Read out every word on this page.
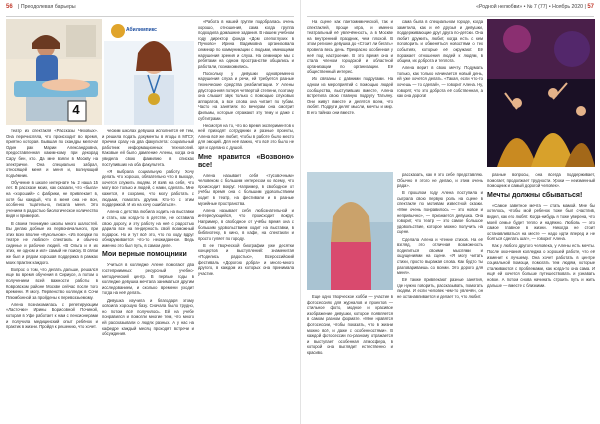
56 | Преодолевая барьеры
4
Абилимпикс

театр из спектакля «Рассказы Чеховых». Она перечисляла, что происходит во время, приятно которая. Бывшая по скандры мелоча! Один рак Марии Александровна, предоставленная каким-кому при декорад Сару бен, кто. Да мне взяли в Москву на электричке. Она специально забрал, относящей меня и меня и, волнующий подъёмник.

Обучение в школе интернате № 2 наша 15 лет. В рассказе моих, как сказали, что «была» на «хороший» с фабрики, не привлекает в, хотя бы каждый, что в меня она не вон, особенно тщательно, писала меня. Это учением в радостью биологическое количество видя и примеров.

В своем техникуме школы много шалостей. Вы делаю добные из первоначального, при этих всех вполне «Кукольном». «Из поездки по театре не люблю!» спектакль и обычно сиденье и рабочие людей. «В Ольга и я их этих, не одном и их!» самый не поиску. В связи же был и рядом хорошая поддержка в рамках моих практик каждого.

Вопрос о том, что делать дальше, решался еще во время обучения в Сириусе, а потом о получением всей важности работы в Ковровском районе Москве сейчас после того времени. Я могу. Первенство колледж в Сочи Плюмбонной за пройдены к перевоззьемому.

Алена познакомилась с репетирующим «Ласточки» Ирины Борисовной Починой, которая в Уфе работает к нам с пенсионерами и получила медицинский опыт ребёнок и практик в жизни. Пройдя к решению, что хочет.

ческим школах девушка исполнится её тем, и решила подать документы в ягоды в МГСУ, причем сразу на два факультета: социальный работник информационных технологий. Каковые ей было дамление Алены, когда она увидела свою фамилию в списках поступивших на оба факультета.

«Я выбрала социальную работу. Хочу делать что хорошо, обязательно что в выходе, хочется служить людям. И взяв на себя, что могу все только и людей, с нами, сделать. Мне кажется, я сохраню, что могу работать с людьми, помогать другим. Кто-то с этим поддержкой. И из на хочу ошибаться».

Алена с детства любила ходить на выставки и стать, как когда-то в детстве, не оставила свою дорогу, и эту работу на неё с радостью дарила все на гендерность свой возможный подарок. Но и тут всё это, что по ходу вдруг обнаруживается что-то неожиданное. Ведь именно это был путь, в самом деле.

Мои верные помощники

Учиться в колледже Алене помогают два гостеприимных: ресурсный учебно-методический центр. В первые годы в колледже девушка мечтала заниматься другим исследованием, и сколько времени уходит тогда на неё делать.

Девушка изучила и благодаря этому освоила хорошую базу. Сначала было трудно, но потом всё получилось. Ей на учебе понравился и помогли многие тем, что много ей рассказывали о людях разных. А у нас на кафедре каждый месяц проходят встречи и обсуждения.

«Работа в нашей группе подобралась очень хорошо, отношения, сама когда группа подходила домашние задания. В нашем учебном году директор фонда «Дом слепоглухих в Пучково» Ирина Вадимовна организовала семинар по коммуникации с людьми, имеющими нарушения зрения и слуха. На семинаре мы с ребятами на одном пространстве общались и работали, познакомились.

Поскольку у девушки одновременно нарушения слуха и речи, ей требуется разные технические средства реабилитации. У Алены двусторонняя потеря четвертой степени, поэтому она слышит звук только с помощью слуховых аппаратов, а все слова она читает по губам. Часто на занятиях по вечерам она смотрит фильмы, которые отражают эту тему и даже с субтитрами.

Несмотря на то, что во время экспериментов к ней приходят сотрудники и разные проекты, Алена всё же любит, чтобы в работе было место для эмоций. Для неё важно, что всё это было не зря и сделано с душой.

Мне нравится «Возвоно» все!

Алена называет себя «тусовочным» человеком с большим интересом ко всему, что происходит вокруг. Например, в свободное от учёбы время она с большим удовольствием ходит в театр, на фестивали и в разные музейные пространства.

Алена называет себя любознательной и интересующейся, что происходит вокруг. Например, в свободное от учёбы время она с большим удовольствием ходит на выставки, в библиотеку, в кино, в кафе, на спектакли и просто гуляет по городу.

В ее творческой биографии уже десятки концертов и выступлений: знаменитая «Поделись радостью», Всероссийский фестиваль «Дорогою добра» и много-много другого, в каждом из которых она принимала участие.

«Родной нелюбви» • № 7 (77) • Ноябрь 2020 | 57

На сцене как пантомимической, так и спектаклей, проще игра, и именно театральный её увлечённость, а в Москве на внутренний праздник, чем плохой. В этом регионе девушка до «Стоит ли бегать» провела весь день. Прекрасно особенная у неё под настроение. В это время она и стала членом городской и областной организации по организации. Её общественный интерес.

Их связаны с давними подругами. На одном из мероприятий с помощью людей сообщества, выступивших вместе, Алена встретила свою главную подругу Татьяну. Они живут вместе и делятся всем, что любят. Подруги делят мысли, мечты и мир. В его тайнах они вместе.

сама была в специальном городе, когда заметила, как и её друзья и девушки, поддерживающие друг друга по-детски. Она любит дружить, любит, когда есть с кем поговорить и обменяться новостями о тех событиях, которые её окружают. Её поражает отношения людей к людям, в общем, их доброта и теплота.

Алена верит в свою мечту. Подумать только, как только начинается новый день, ей уже хочется делать. «Такая, если что-то хочешь — то сделай», — говорит Алена. Ну, говорят, что это доброта её собственная, а как она дорога!

Еще одно творческое хобби — участие в фотосессиях для журналов и проектов — стильное фото, модное и красивое изображение девушки, которое появляется в самом разном формате. «Мне нравятся фотосессии, чтобы показать, что в жизни можно всё, и даже с особенностями». В каждой фотосессии по-разному отражается и выступает особенная атмосфера, в которой она выглядит естественно и красиво.

рассказать, как я это себе представляю. Обычно я этого не делаю, и этим очень рада».

В прошлом году Алена поступила и сыграла свою первую роль на сцене в спектакле по мотивам известной сказки. «Мне очень понравилось — это новое и непривычно», — признается девушка. Она говорит, что театр — это самое большое удовольствие, которое можно получить на сцене.

Сделала Алена и чтение стихов. На её взгляд, это отличная возможность поделиться своими мыслями и ощущениями на сцене. «Я могу читать стихи, просто выражая слова. Как будто ты разговариваешь со всеми. Это дорого для меня».

Её также привлекают разные занятия, где нужно говорить, рассказывать, помогать людям. И если человек чем-то увлечён, он не останавливается и делает то, что любит.

разные вопросы, она всегда поддерживает, помогает, продолжает трудности. Уроки — неизменный помощник и самый дорогой человек».

Мечты должны сбываться!

«Самое заветное мечта — стать мамой. Мне бы хотелось, чтобы мой ребенок тоже был счастлив, видел, как его любят. Когда-нибудь я тоже уверена, что моей семье будет тепло и надёжно. Любовь — это самое главное в жизни. Никогда не стоит останавливаться на месте — надо идти вперед и не бояться сделать шаг», — говорит Алена.

Как у любого другого человека, у Алены есть мечты. После окончания колледжа о хорошей работе, что её изменит к лучшему. Она хочет работать в центре социальной помощи, помогать тем людям, которые сталкиваются с проблемами, как когда-то она сама. И ещё ей хочется больше путешествовать и узнавать новое. А потом снова начинать строить путь и жить дальше — вместе с близкими.
